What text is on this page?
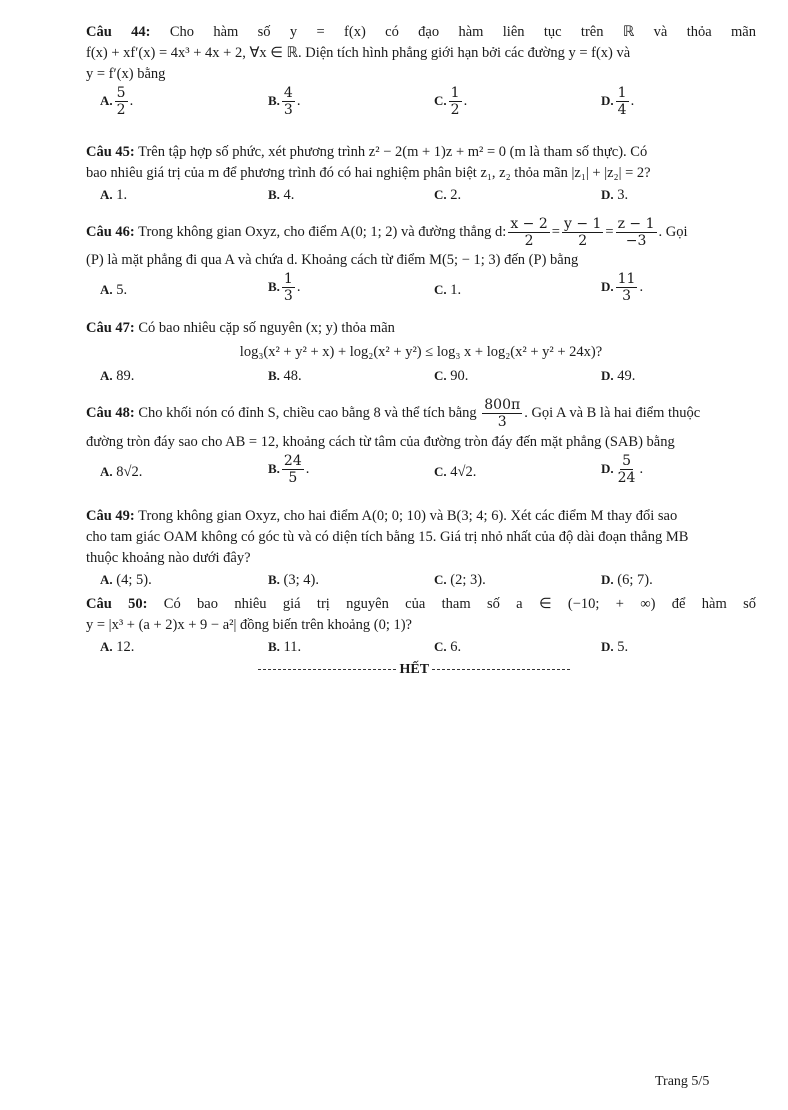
Câu 44: Cho hàm số y = f(x) có đạo hàm liên tục trên ℝ và thỏa mãn
f(x) + xf′(x) = 4x³ + 4x + 2, ∀x ∈ ℝ. Diện tích hình phẳng giới hạn bởi các đường y = f(x) và
y = f′(x) bằng
A. $\frac{5}{2}$ .	B. $\frac{4}{3}$ .	C. $\frac{1}{2}$ .	D. $\frac{1}{4}$ .
Câu 45: Trên tập hợp số phức, xét phương trình z² − 2(m + 1)z + m² = 0 (m là tham số thực). Có
bao nhiêu giá trị của m để phương trình đó có hai nghiệm phân biệt z₁, z₂ thỏa mãn |z₁| + |z₂| = 2?
A. 1.	B. 4.	C. 2.	D. 3.
Câu 46: Trong không gian Oxyz, cho điểm A(0; 1; 2) và đường thẳng d: $\frac{x - 2}{2} = \frac{y - 1}{2} = \frac{z - 1}{-3}$ . Gọi
(P) là mặt phẳng đi qua A và chứa d. Khoảng cách từ điểm M(5; − 1; 3) đến (P) bằng
A. 5.	B. $\frac{1}{3}$ .	C. 1.	D. $\frac{11}{3}$ .
Câu 47: Có bao nhiêu cặp số nguyên (x; y) thỏa mãn
log₃(x² + y² + x) + log₂(x² + y²) ≤ log₃ x + log₂(x² + y² + 24x)?
A. 89.	B. 48.	C. 90.	D. 49.
Câu 48: Cho khối nón có đỉnh S, chiều cao bằng 8 và thể tích bằng $\frac{800\pi}{3}$ . Gọi A và B là hai điểm thuộc
đường tròn đáy sao cho AB = 12, khoảng cách từ tâm của đường tròn đáy đến mặt phẳng (SAB) bằng
A. 8√2.	B. $\frac{24}{5}$ .	C. 4√2.	D. $\frac{5}{24}$ .
Câu 49: Trong không gian Oxyz, cho hai điểm A(0; 0; 10) và B(3; 4; 6). Xét các điểm M thay đổi sao
cho tam giác OAM không có góc tù và có diện tích bằng 15. Giá trị nhỏ nhất của độ dài đoạn thẳng MB
thuộc khoảng nào dưới đây?
A. (4; 5).	B. (3; 4).	C. (2; 3).	D. (6; 7).
Câu 50: Có bao nhiêu giá trị nguyên của tham số a ∈ (−10; + ∞) để hàm số
y = |x³ + (a + 2)x + 9 − a²| đồng biến trên khoảng (0; 1)?
A. 12.	B. 11.	C. 6.	D. 5.
HẾT
Trang 5/5
